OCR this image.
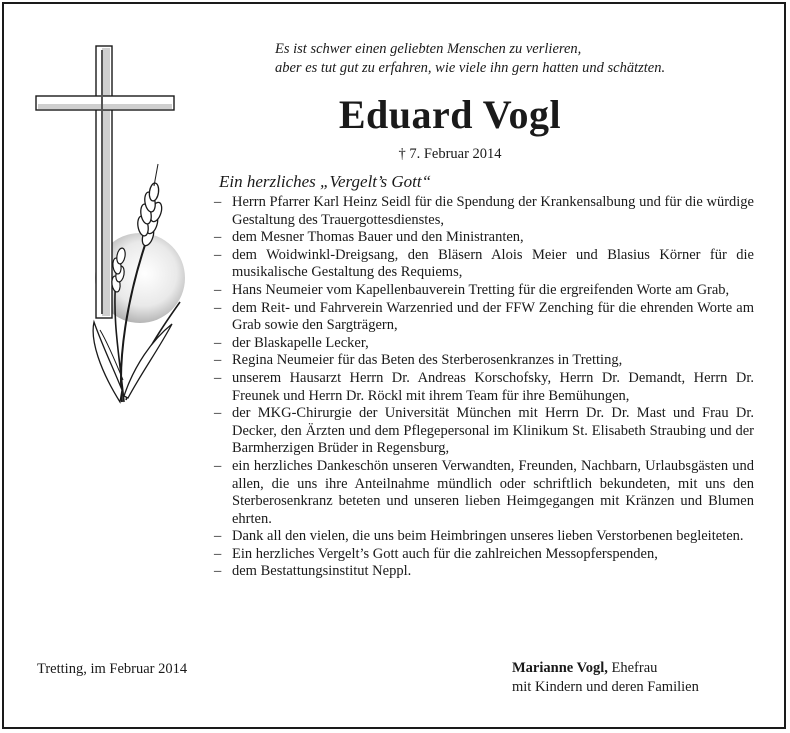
Es ist schwer einen geliebten Menschen zu verlieren,
aber es tut gut zu erfahren, wie viele ihn gern hatten und schätzten.
Eduard Vogl
† 7. Februar 2014
Ein herzliches „Vergelt’s Gott“
– Herrn Pfarrer Karl Heinz Seidl für die Spendung der Krankensalbung und für die würdige Gestaltung des Trauergottesdienstes,
– dem Mesner Thomas Bauer und den Ministranten,
– dem Woidwinkl-Dreigsang, den Bläsern Alois Meier und Blasius Körner für die musikalische Gestaltung des Requiems,
– Hans Neumeier vom Kapellenbauverein Tretting für die ergreifenden Worte am Grab,
– dem Reit- und Fahrverein Warzenried und der FFW Zenching für die ehrenden Worte am Grab sowie den Sargträgern,
– der Blaskapelle Lecker,
– Regina Neumeier für das Beten des Sterberosenkranzes in Tretting,
– unserem Hausarzt Herrn Dr. Andreas Korschofsky, Herrn Dr. Demandt, Herrn Dr. Freunek und Herrn Dr. Röckl mit ihrem Team für ihre Bemühungen,
– der MKG-Chirurgie der Universität München mit Herrn Dr. Dr. Mast und Frau Dr. Decker, den Ärzten und dem Pflegepersonal im Klinikum St. Elisabeth Straubing und der Barmherzigen Brüder in Regensburg,
– ein herzliches Dankeschön unseren Verwandten, Freunden, Nachbarn, Urlaubsgästen und allen, die uns ihre Anteilnahme mündlich oder schriftlich bekundeten, mit uns den Sterberosenkranz beteten und unseren lieben Heimgegangen mit Kränzen und Blumen ehrten.
– Dank all den vielen, die uns beim Heimbringen unseres lieben Verstorbenen begleiteten.
– Ein herzliches Vergelt’s Gott auch für die zahlreichen Messopferspenden,
– dem Bestattungsinstitut Neppl.
Tretting, im Februar 2014	Marianne Vogl, Ehefrau
mit Kindern und deren Familien
